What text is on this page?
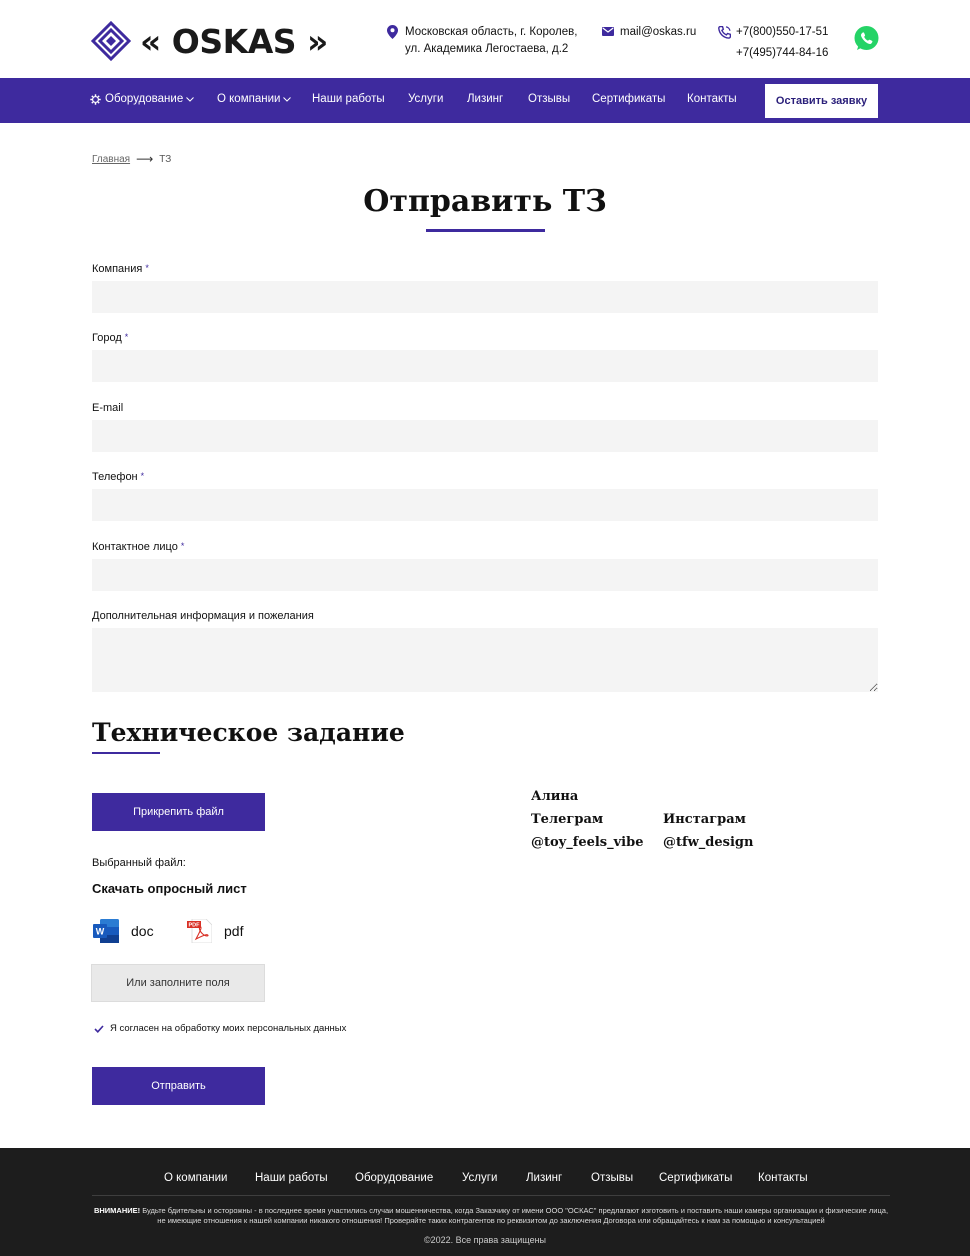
« OSKAS »	Московская область, г. Королев,
ул. Академика Легостаева, д.2
mail@oskas.ru	+7(800)550-17-51
+7(495)744-84-16
Оборудование	О компании	Наши работы Услуги Лизинг Отзывы Сертификаты Контакты	Оставить заявку
Главная ⟶ ТЗ
Отправить ТЗ
Компания *
Город *
E-mail
Телефон *
Контактное лицо *
Дополнительная информация и пожелания
Техническое задание
Прикрепить файл
Выбранный файл:
Скачать опросный лист
W doc	PDF pdf
Или заполните поля
Я согласен на обработку моих персональных данных
Отправить
Алина
Телеграм	Инстаграм
@toy_feels_vibe @tfw_design
О компании Наши работы Оборудование	Услуги Лизинг	Отзывы Сертификаты Контакты
ВНИМАНИЕ! Будьте бдительны и осторожны - в последнее время участились случаи мошенничества, когда Заказчику от имени ООО "ОСКАС" предлагают изготовить и поставить наши камеры организации и физические лица, не имеющие отношения к нашей компании никакого отношения! Проверяйте таких контрагентов по реквизитом до заключения Договора или обращайтесь к нам за помощью и консультацией
©2022. Все права защищены
